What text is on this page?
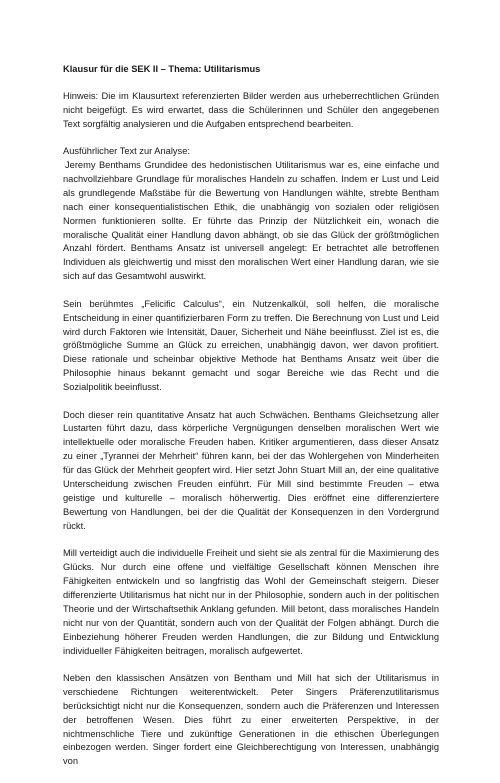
Klausur für die SEK II – Thema: Utilitarismus

Hinweis: Die im Klausurtext referenzierten Bilder werden aus urheberrechtlichen Gründen nicht beigefügt. Es wird erwartet, dass die Schülerinnen und Schüler den angegebenen Text sorgfältig analysieren und die Aufgaben entsprechend bearbeiten.

Ausführlicher Text zur Analyse:

Jeremy Benthams Grundidee des hedonistischen Utilitarismus war es, eine einfache und nachvollziehbare Grundlage für moralisches Handeln zu schaffen. Indem er Lust und Leid als grundlegende Maßstäbe für die Bewertung von Handlungen wählte, strebte Bentham nach einer konsequentialistischen Ethik, die unabhängig von sozialen oder religiösen Normen funktionieren sollte. Er führte das Prinzip der Nützlichkeit ein, wonach die moralische Qualität einer Handlung davon abhängt, ob sie das Glück der größtmöglichen Anzahl fördert. Benthams Ansatz ist universell angelegt: Er betrachtet alle betroffenen Individuen als gleichwertig und misst den moralischen Wert einer Handlung daran, wie sie sich auf das Gesamtwohl auswirkt.

Sein berühmtes „Felicific Calculus“, ein Nutzenkalkül, soll helfen, die moralische Entscheidung in einer quantifizierbaren Form zu treffen. Die Berechnung von Lust und Leid wird durch Faktoren wie Intensität, Dauer, Sicherheit und Nähe beeinflusst. Ziel ist es, die größtmögliche Summe an Glück zu erreichen, unabhängig davon, wer davon profitiert. Diese rationale und scheinbar objektive Methode hat Benthams Ansatz weit über die Philosophie hinaus bekannt gemacht und sogar Bereiche wie das Recht und die Sozialpolitik beeinflusst.

Doch dieser rein quantitative Ansatz hat auch Schwächen. Benthams Gleichsetzung aller Lustarten führt dazu, dass körperliche Vergnügungen denselben moralischen Wert wie intellektuelle oder moralische Freuden haben. Kritiker argumentieren, dass dieser Ansatz zu einer „Tyrannei der Mehrheit“ führen kann, bei der das Wohlergehen von Minderheiten für das Glück der Mehrheit geopfert wird. Hier setzt John Stuart Mill an, der eine qualitative Unterscheidung zwischen Freuden einführt. Für Mill sind bestimmte Freuden – etwa geistige und kulturelle – moralisch höherwertig. Dies eröffnet eine differenziertere Bewertung von Handlungen, bei der die Qualität der Konsequenzen in den Vordergrund rückt.

Mill verteidigt auch die individuelle Freiheit und sieht sie als zentral für die Maximierung des Glücks. Nur durch eine offene und vielfältige Gesellschaft können Menschen ihre Fähigkeiten entwickeln und so langfristig das Wohl der Gemeinschaft steigern. Dieser differenzierte Utilitarismus hat nicht nur in der Philosophie, sondern auch in der politischen Theorie und der Wirtschaftsethik Anklang gefunden. Mill betont, dass moralisches Handeln nicht nur von der Quantität, sondern auch von der Qualität der Folgen abhängt. Durch die Einbeziehung höherer Freuden werden Handlungen, die zur Bildung und Entwicklung individueller Fähigkeiten beitragen, moralisch aufgewertet.

Neben den klassischen Ansätzen von Bentham und Mill hat sich der Utilitarismus in verschiedene Richtungen weiterentwickelt. Peter Singers Präferenzutilitarismus berücksichtigt nicht nur die Konsequenzen, sondern auch die Präferenzen und Interessen der betroffenen Wesen. Dies führt zu einer erweiterten Perspektive, in der nichtmenschliche Tiere und zukünftige Generationen in die ethischen Überlegungen einbezogen werden. Singer fordert eine Gleichberechtigung von Interessen, unabhängig von
